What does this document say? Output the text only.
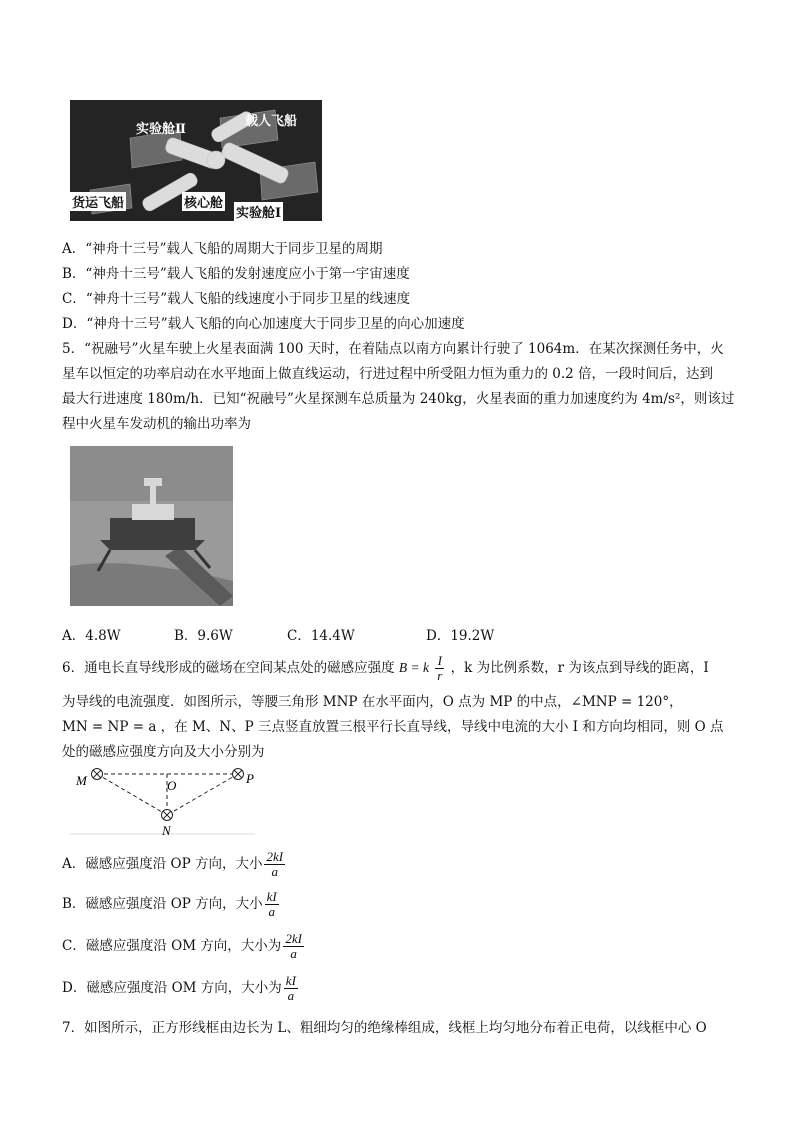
实验舱Ⅱ
载人飞船
货运飞船	核心舱
实验舱Ⅰ
A．“神舟十三号”载人飞船的周期大于同步卫星的周期
B．“神舟十三号”载人飞船的发射速度应小于第一宇宙速度
C．“神舟十三号”载人飞船的线速度小于同步卫星的线速度
D．“神舟十三号”载人飞船的向心加速度大于同步卫星的向心加速度
5．“祝融号”火星车驶上火星表面满 100 天时，在着陆点以南方向累计行驶了 1064m．在某次探测任务中，火
星车以恒定的功率启动在水平地面上做直线运动，行进过程中所受阻力恒为重力的 0.2 倍，一段时间后，达到
最大行进速度 180m/h．已知“祝融号”火星探测车总质量为 240kg，火星表面的重力加速度约为 4m/s²，则该过
程中火星车发动机的输出功率为
A．4.8W	B．9.6W	C．14.4W	D．19.2W
6．通电长直导线形成的磁场在空间某点处的磁感应强度 B = k $\frac{I}{r}$ ，k 为比例系数，r 为该点到导线的距离，I
为导线的电流强度．如图所示，等腰三角形 MNP 在水平面内，O 点为 MP 的中点，∠MNP = 120°，
MN = NP = a ，在 M、N、P 三点竖直放置三根平行长直导线，导线中电流的大小 I 和方向均相同，则 O 点
处的磁感应强度方向及大小分别为
M	O	P
N
A．磁感应强度沿 OP 方向，大小 $\frac{2kI}{a}$
B．磁感应强度沿 OP 方向，大小 $\frac{kI}{a}$
C．磁感应强度沿 OM 方向，大小为 $\frac{2kI}{a}$
D．磁感应强度沿 OM 方向，大小为 $\frac{kI}{a}$
7．如图所示，正方形线框由边长为 L、粗细均匀的绝缘棒组成，线框上均匀地分布着正电荷，以线框中心 O
